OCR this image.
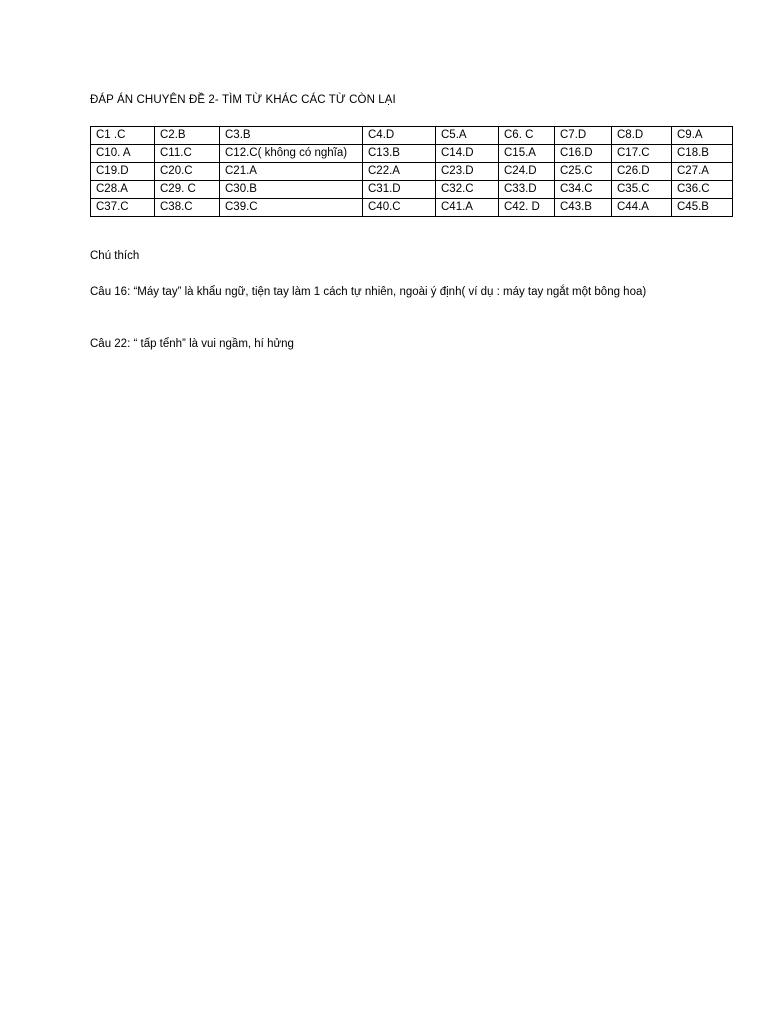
ĐÁP ÁN CHUYÊN ĐỀ 2- TÌM TỪ KHÁC CÁC TỪ CÒN LẠI
C1 .C	C2.B	C3.B	C4.D	C5.A	C6. C	C7.D	C8.D	C9.A
C10. A	C11.C	C12.C( không có nghĩa)	C13.B	C14.D	C15.A	C16.D	C17.C	C18.B
C19.D	C20.C	C21.A	C22.A	C23.D	C24.D	C25.C	C26.D	C27.A
C28.A	C29. C	C30.B	C31.D	C32.C	C33.D	C34.C	C35.C	C36.C
C37.C	C38.C	C39.C	C40.C	C41.A	C42. D	C43.B	C44.A	C45.B
Chú thích
Câu 16: “Máy tay” là khẩu ngữ, tiện tay làm 1 cách tự nhiên, ngoài ý định( ví dụ : máy tay ngắt một bông hoa)
Câu 22: “ tấp tểnh” là vui ngầm, hí hửng
